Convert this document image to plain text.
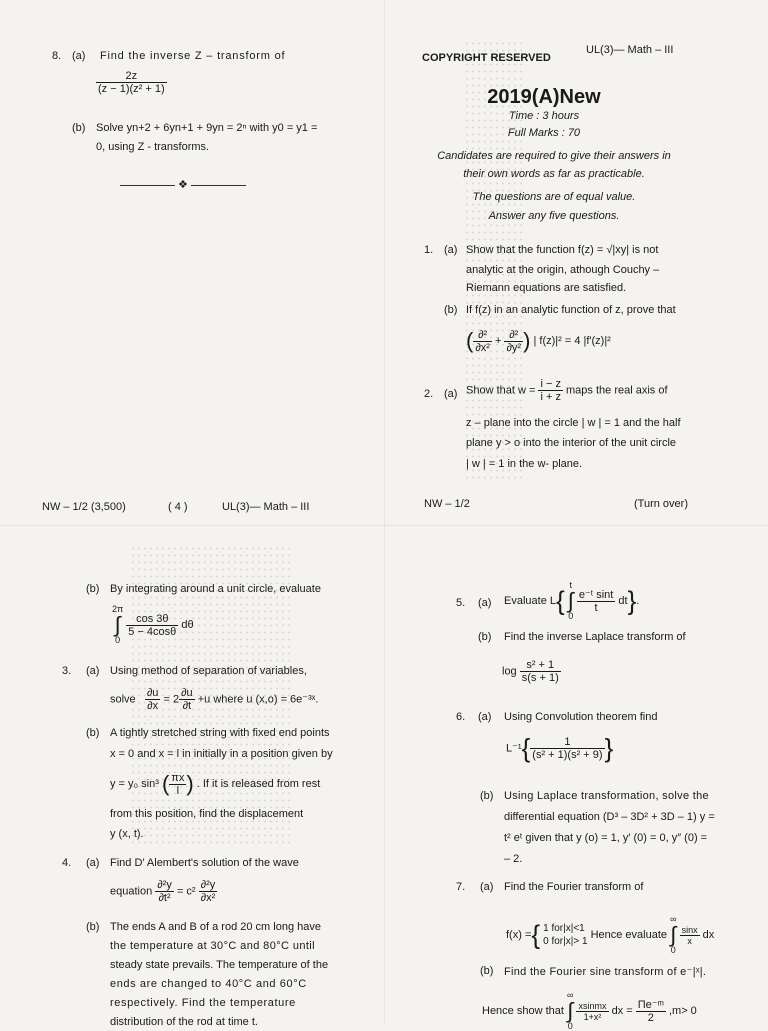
8. (a) Find the inverse Z – transform of
$\frac{2z}{\text{(z − 1)(z² + 1)}}$
(b) Solve yn+2 + 6yn+1 + 9yn = 2ⁿ with y0 = y1 =
0, using Z - transforms.
❖
NW – 1/2 (3,500)	( 4 )	UL(3)— Math – III
COPYRIGHT RESERVED
UL(3)— Math – III
2019(A)New
Time : 3 hours
Full Marks : 70
Candidates are required to give their answers in
their own words as far as practicable.
The questions are of equal value.
Answer any five questions.
1. (a) Show that the function f(z) = √|xy| is not
analytic at the origin, athough Couchy –
Riemann equations are satisfied.
(b) If f(z) in an analytic function of z, prove that
( $\frac{\text{∂²}}{\text{∂x²}} + \frac{\text{∂²}}{\text{∂y²}}$ ) | f(z)|² = 4 |f′(z)|²
2. (a) Show that $w = \frac{i - z}{i + z}$ maps the real axis of
z – plane into the circle | w | = 1 and the half
plane y > o into the interior of the unit circle
| w | = 1 in the w- plane.
NW – 1/2	(Turn over)
(b) By integrating around a unit circle, evaluate
2π
∫
0

$\frac{\cos 3\theta}{5 - 4\cos\theta}$ dθ
3. (a) Using method of separation of variables,
solve $\frac{\partial u}{\partial x} = 2 \frac{\partial u}{\partial t} +u$ where u (x,o) = 6e⁻³ˣ.
(b) A tightly stretched string with fixed end points
x = 0 and x = l in initially in a position given by
y = y₀ sin³ ( $\frac{\pi x}{l}$ ) . If it is released from rest
from this position, find the displacement
y (x, t).
4. (a) Find D′ Alembert's solution of the wave
equation $\frac{\text{∂²y}}{\text{∂t²}} = c^2 \frac{\text{∂²y}}{\text{∂x²}}$
(b) The ends A and B of a rod 20 cm long have
the temperature at 30°C and 80°C until
steady state prevails. The temperature of the
ends are changed to 40°C and 60°C
respectively. Find the temperature
distribution of the rod at time t.
5. (a) Evaluate L{
t
∫
0

$\frac{\text{e⁻ᵗ sint}}{t} dt$}.
(b) Find the inverse Laplace transform of
$\log \frac{\text{s² + 1}}{s(s + 1)}$
6. (a) Using Convolution theorem find
$L^{-1}\{ \frac{1}{\text{(s² + 1)(s² + 9)}}$ }
(b) Using Laplace transformation, solve the
differential equation (D³ – 3D² + 3D – 1) y =
t² eᵗ given that y (o) = 1, y′ (0) = 0, y″ (0) =
– 2.
7. (a) Find the Fourier transform of
f(x) ={ 1 for|x|<1
0 for|x|> 1
Hence evaluate
∞
∫
0

$\frac{\sin x}{x}$ dx
(b) Find the Fourier sine transform of e⁻|ˣ|.
Hence show that
∞
∫
0

$\frac{\text{xsinmx}}{\text{1+x²}}$ dx = $\frac{\text{Πe⁻ᵐ}}{2} ,m> 0$
